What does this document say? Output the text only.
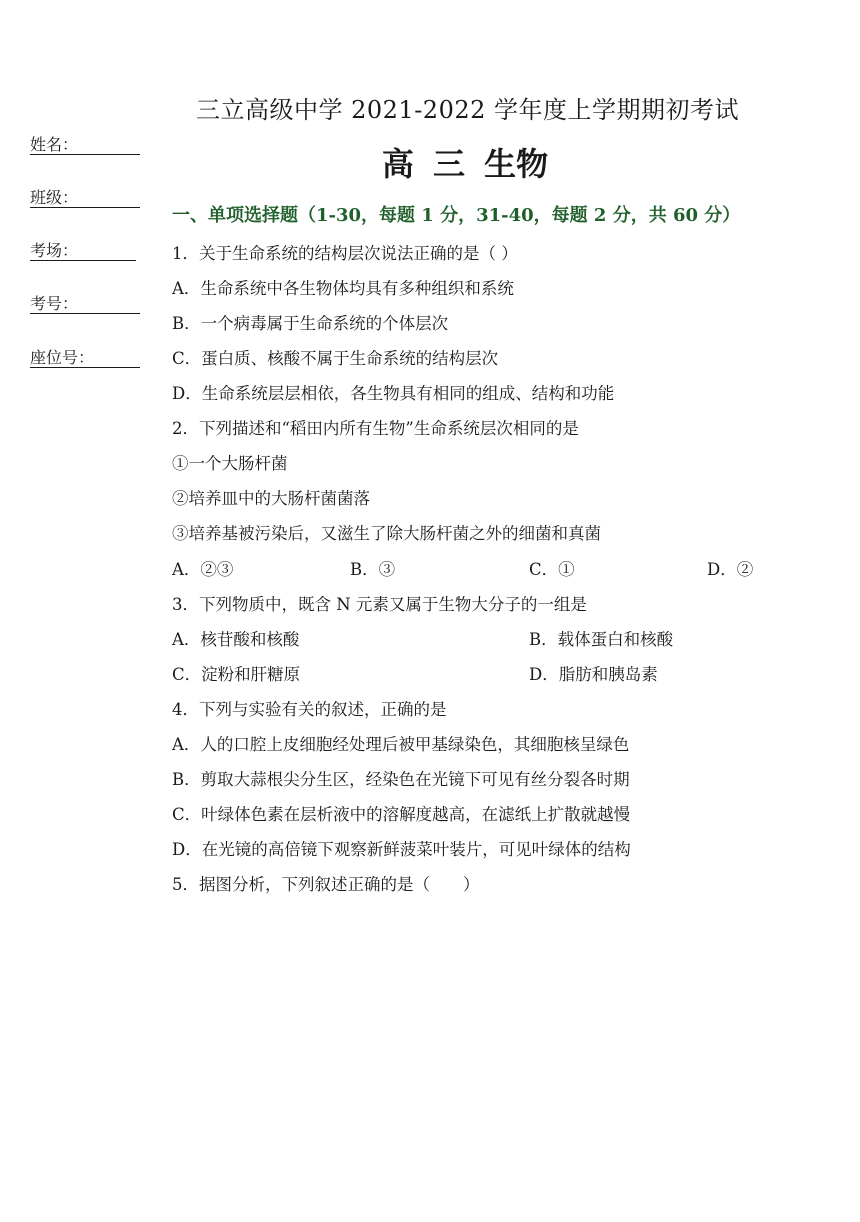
三立高级中学 2021-2022 学年度上学期期初考试
高 三 生物
姓名：
班级：
考场：
考号：
座位号：
一、单项选择题（1-30，每题 1 分，31-40，每题 2 分，共 60 分）
1．关于生命系统的结构层次说法正确的是（ ）
A．生命系统中各生物体均具有多种组织和系统
B．一个病毒属于生命系统的个体层次
C．蛋白质、核酸不属于生命系统的结构层次
D．生命系统层层相依，各生物具有相同的组成、结构和功能
2．下列描述和“稻田内所有生物”生命系统层次相同的是
①一个大肠杆菌
②培养皿中的大肠杆菌菌落
③培养基被污染后，又滋生了除大肠杆菌之外的细菌和真菌
A．②③	B．③	C．①	D．②
3．下列物质中，既含 N 元素又属于生物大分子的一组是
A．核苷酸和核酸	B．载体蛋白和核酸
C．淀粉和肝糖原	D．脂肪和胰岛素
4．下列与实验有关的叙述，正确的是
A．人的口腔上皮细胞经处理后被甲基绿染色，其细胞核呈绿色
B．剪取大蒜根尖分生区，经染色在光镜下可见有丝分裂各时期
C．叶绿体色素在层析液中的溶解度越高，在滤纸上扩散就越慢
D．在光镜的高倍镜下观察新鲜菠菜叶装片，可见叶绿体的结构
5．据图分析，下列叙述正确的是（　　）
